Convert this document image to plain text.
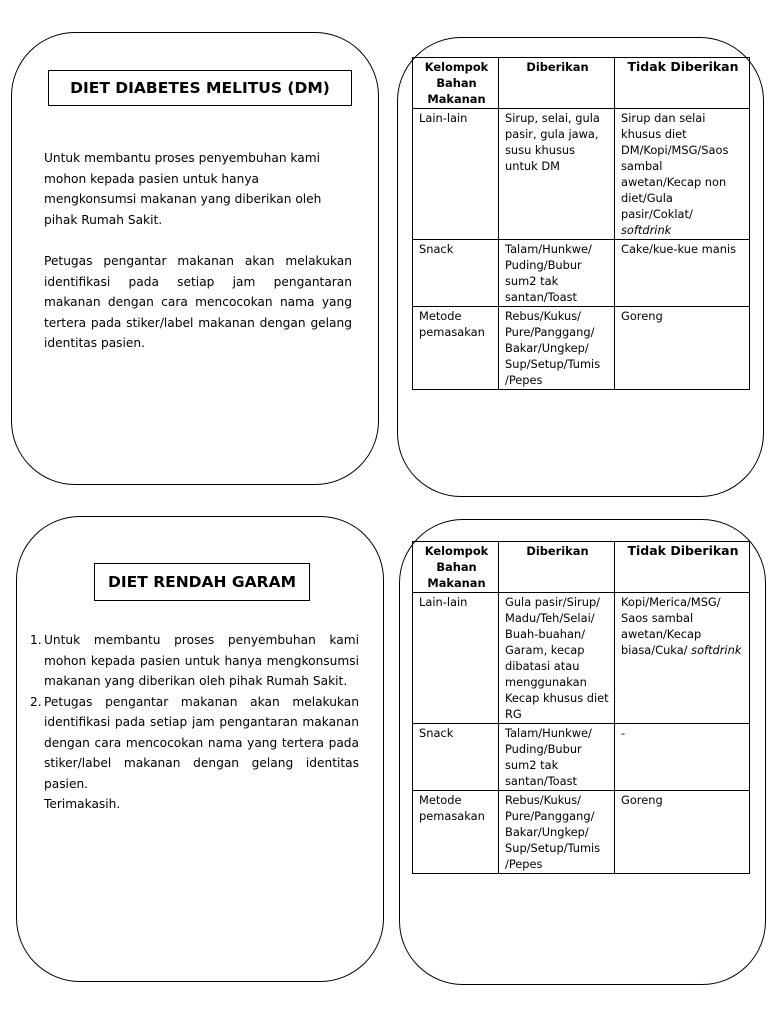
DIET DIABETES MELITUS (DM)

Untuk membantu proses penyembuhan kami
mohon kepada pasien untuk hanya
mengkonsumsi makanan yang diberikan oleh
pihak Rumah Sakit.

Petugas pengantar makanan akan melakukan identifikasi pada setiap jam pengantaran makanan dengan cara mencocokan nama yang tertera pada stiker/label makanan dengan gelang identitas pasien.

Kelompok Bahan Makanan	Diberikan	Tidak Diberikan
Lain-lain	Sirup, selai, gula pasir, gula jawa, susu khusus untuk DM	Sirup dan selai khusus diet DM/Kopi/MSG/Saos sambal awetan/Kecap non diet/Gula pasir/Coklat/ softdrink
Snack	Talam/Hunkwe/ Puding/Bubur sum2 tak santan/Toast	Cake/kue-kue manis
Metode pemasakan	Rebus/Kukus/ Pure/Panggang/ Bakar/Ungkep/ Sup/Setup/Tumis /Pepes	Goreng
DIET RENDAH GARAM
1. Untuk membantu proses penyembuhan kami mohon kepada pasien untuk hanya mengkonsumsi makanan yang diberikan oleh pihak Rumah Sakit.
2. Petugas pengantar makanan akan melakukan identifikasi pada setiap jam pengantaran makanan dengan cara mencocokan nama yang tertera pada stiker/label makanan dengan gelang identitas pasien.
Terimakasih.
Kelompok Bahan Makanan	Diberikan	Tidak Diberikan
Lain-lain	Gula pasir/Sirup/ Madu/Teh/Selai/ Buah-buahan/ Garam, kecap dibatasi atau menggunakan Kecap khusus diet RG	Kopi/Merica/MSG/ Saos sambal awetan/Kecap biasa/Cuka/ softdrink
Snack	Talam/Hunkwe/ Puding/Bubur sum2 tak santan/Toast	-
Metode pemasakan	Rebus/Kukus/ Pure/Panggang/ Bakar/Ungkep/ Sup/Setup/Tumis /Pepes	Goreng
